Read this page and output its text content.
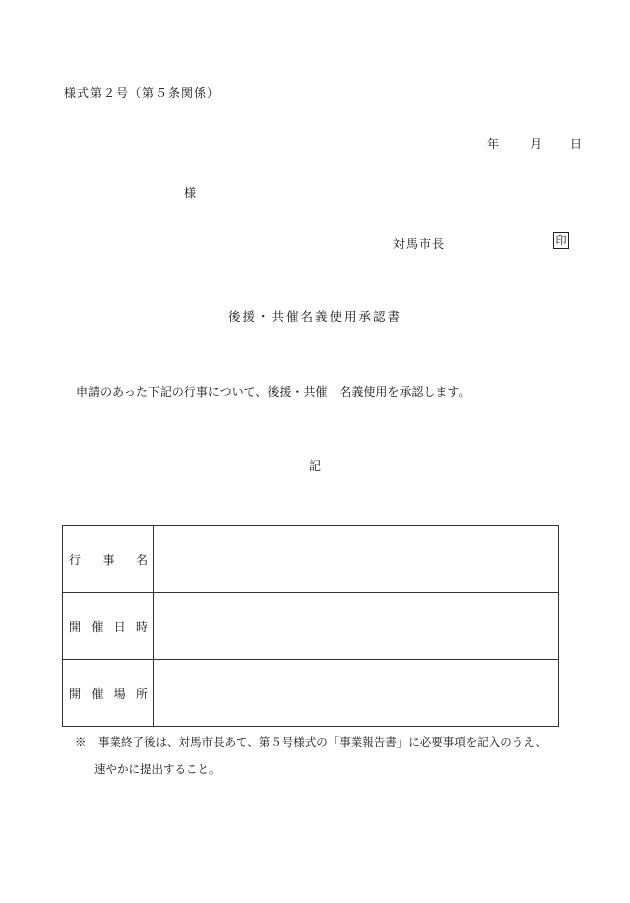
様式第２号（第５条関係）
年	月 日
様
対馬市長	印
後援・共催名義使用承認書
申請のあった下記の行事について、後援・共催　名義使用を承認します。
記
行 事 名	

開 催 日 時	

開 催 場 所	

※　事業終了後は、対馬市長あて、第５号様式の「事業報告書」に必要事項を記入のうえ、
速やかに提出すること。
